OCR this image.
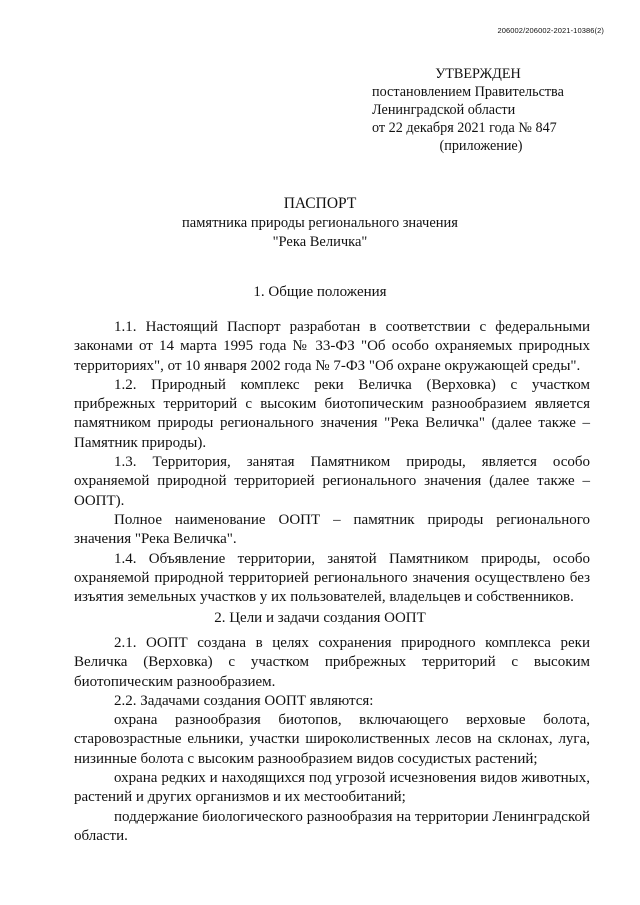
206002/206002-2021-10386(2)
УТВЕРЖДЕН
постановлением Правительства
Ленинградской области
от 22 декабря 2021 года № 847
(приложение)
ПАСПОРТ
памятника природы регионального значения
"Река Величка"
1. Общие положения

1.1. Настоящий Паспорт разработан в соответствии с федеральными законами от 14 марта 1995 года № 33-ФЗ "Об особо охраняемых природных территориях", от 10 января 2002 года № 7-ФЗ "Об охране окружающей среды".

1.2. Природный комплекс реки Величка (Верховка) с участком прибрежных территорий с высоким биотопическим разнообразием является памятником природы регионального значения "Река Величка" (далее также – Памятник природы).

1.3. Территория, занятая Памятником природы, является особо охраняемой природной территорией регионального значения (далее также – ООПТ).

Полное наименование ООПТ – памятник природы регионального значения "Река Величка".

1.4. Объявление территории, занятой Памятником природы, особо охраняемой природной территорией регионального значения осуществлено без изъятия земельных участков у их пользователей, владельцев и собственников.

2. Цели и задачи создания ООПТ

2.1. ООПТ создана в целях сохранения природного комплекса реки Величка (Верховка) с участком прибрежных территорий с высоким биотопическим разнообразием.

2.2. Задачами создания ООПТ являются:

охрана разнообразия биотопов, включающего верховые болота, старовозрастные ельники, участки широколиственных лесов на склонах, луга, низинные болота с высоким разнообразием видов сосудистых растений;

охрана редких и находящихся под угрозой исчезновения видов животных, растений и других организмов и их местообитаний;

поддержание биологического разнообразия на территории Ленинградской области.
